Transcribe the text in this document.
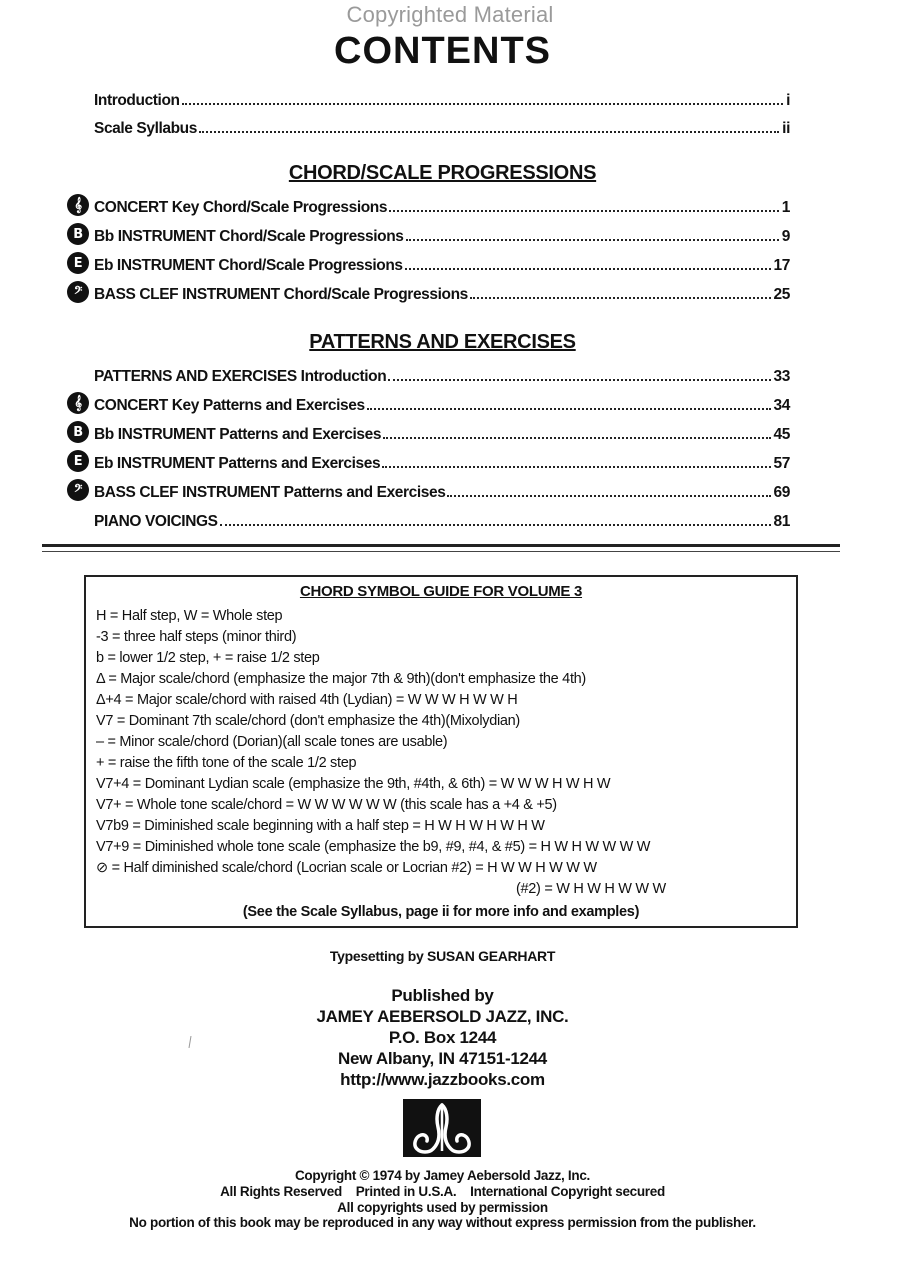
Copyrighted Material
CONTENTS
Introduction	i
Scale Syllabus	ii
CHORD/SCALE PROGRESSIONS
𝄞 CONCERT Key Chord/Scale Progressions	1
B Bb INSTRUMENT Chord/Scale Progressions	9
E Eb INSTRUMENT Chord/Scale Progressions	17
𝄢 BASS CLEF INSTRUMENT Chord/Scale Progressions	25
PATTERNS AND EXERCISES
PATTERNS AND EXERCISES Introduction	33
𝄞 CONCERT Key Patterns and Exercises	34
B Bb INSTRUMENT Patterns and Exercises	45
E Eb INSTRUMENT Patterns and Exercises	57
𝄢 BASS CLEF INSTRUMENT Patterns and Exercises	69
PIANO VOICINGS	81
CHORD SYMBOL GUIDE FOR VOLUME 3
H = Half step, W = Whole step
-3 = three half steps (minor third)
b = lower 1/2 step, + = raise 1/2 step
Δ = Major scale/chord (emphasize the major 7th & 9th)(don't emphasize the 4th)
Δ+4 = Major scale/chord with raised 4th (Lydian) = W W W H W W H
V7 = Dominant 7th scale/chord (don't emphasize the 4th)(Mixolydian)
– = Minor scale/chord (Dorian)(all scale tones are usable)
+ = raise the fifth tone of the scale 1/2 step
V7+4 = Dominant Lydian scale (emphasize the 9th, #4th, & 6th) = W W W H W H W
V7+ = Whole tone scale/chord = W W W W W W (this scale has a +4 & +5)
V7b9 = Diminished scale beginning with a half step = H W H W H W H W
V7+9 = Diminished whole tone scale (emphasize the b9, #9, #4, & #5) = H W H W W W W
⊘ = Half diminished scale/chord (Locrian scale or Locrian #2) = H W W H W W W
(#2) = W H W H W W W
(See the Scale Syllabus, page ii for more info and examples)
Typesetting by SUSAN GEARHART
Published by
JAMEY AEBERSOLD JAZZ, INC.
P.O. Box 1244
New Albany, IN 47151-1244
http://www.jazzbooks.com
Copyright © 1974 by Jamey Aebersold Jazz, Inc.
All Rights Reserved    Printed in U.S.A.    International Copyright secured
All copyrights used by permission
No portion of this book may be reproduced in any way without express permission from the publisher.
